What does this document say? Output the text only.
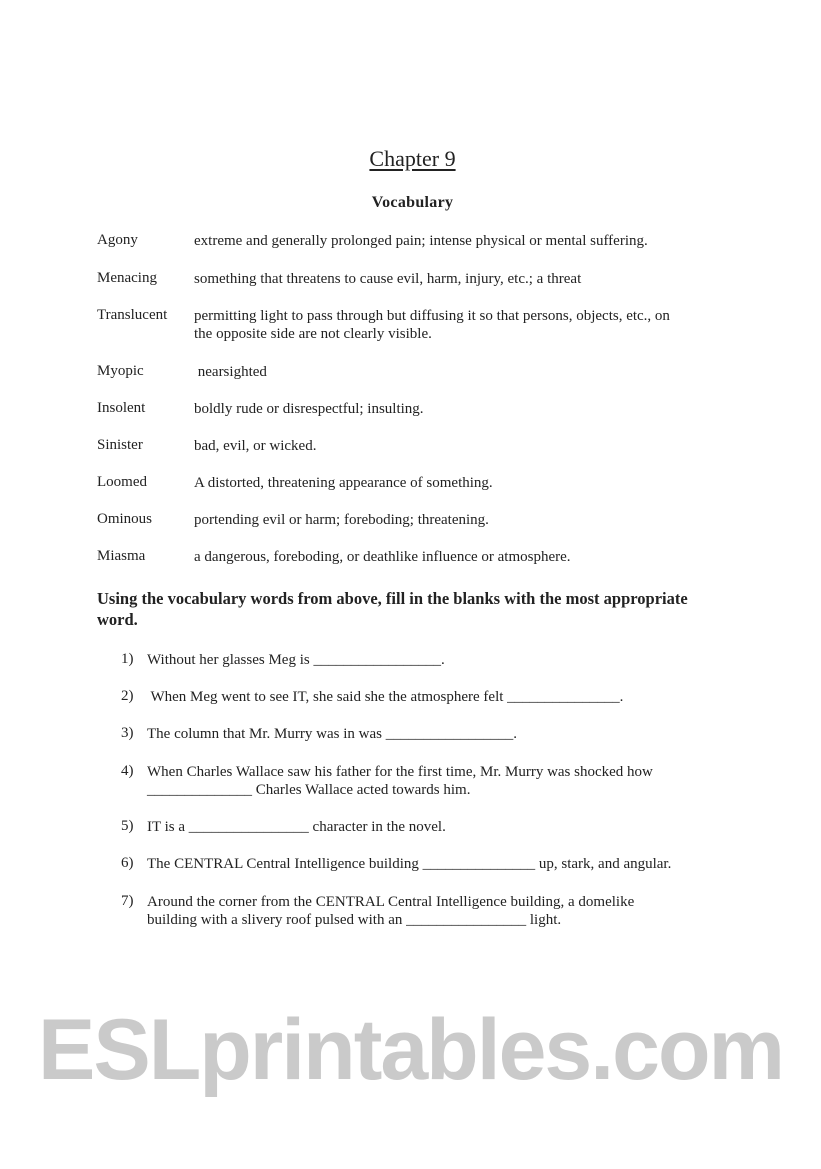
Chapter 9
Vocabulary
Agony	extreme and generally prolonged pain; intense physical or mental suffering.
Menacing something that threatens to cause evil, harm, injury, etc.; a threat
Translucent permitting light to pass through but diffusing it so that persons, objects, etc., on
the opposite side are not clearly visible.
Myopic	nearsighted
Insolent	boldly rude or disrespectful; insulting.
Sinister	bad, evil, or wicked.
Loomed	A distorted, threatening appearance of something.
Ominous	portending evil or harm; foreboding; threatening.
Miasma	a dangerous, foreboding, or deathlike influence or atmosphere.
Using the vocabulary words from above, fill in the blanks with the most appropriate word.
1) Without her glasses Meg is _________________.
2) When Meg went to see IT, she said she the atmosphere felt _______________.
3) The column that Mr. Murry was in was _________________.
4) When Charles Wallace saw his father for the first time, Mr. Murry was shocked how
______________ Charles Wallace acted towards him.
5) IT is a ________________ character in the novel.
6) The CENTRAL Central Intelligence building _______________ up, stark, and angular.
7) Around the corner from the CENTRAL Central Intelligence building, a domelike
building with a slivery roof pulsed with an ________________ light.
ESLprintables.com
